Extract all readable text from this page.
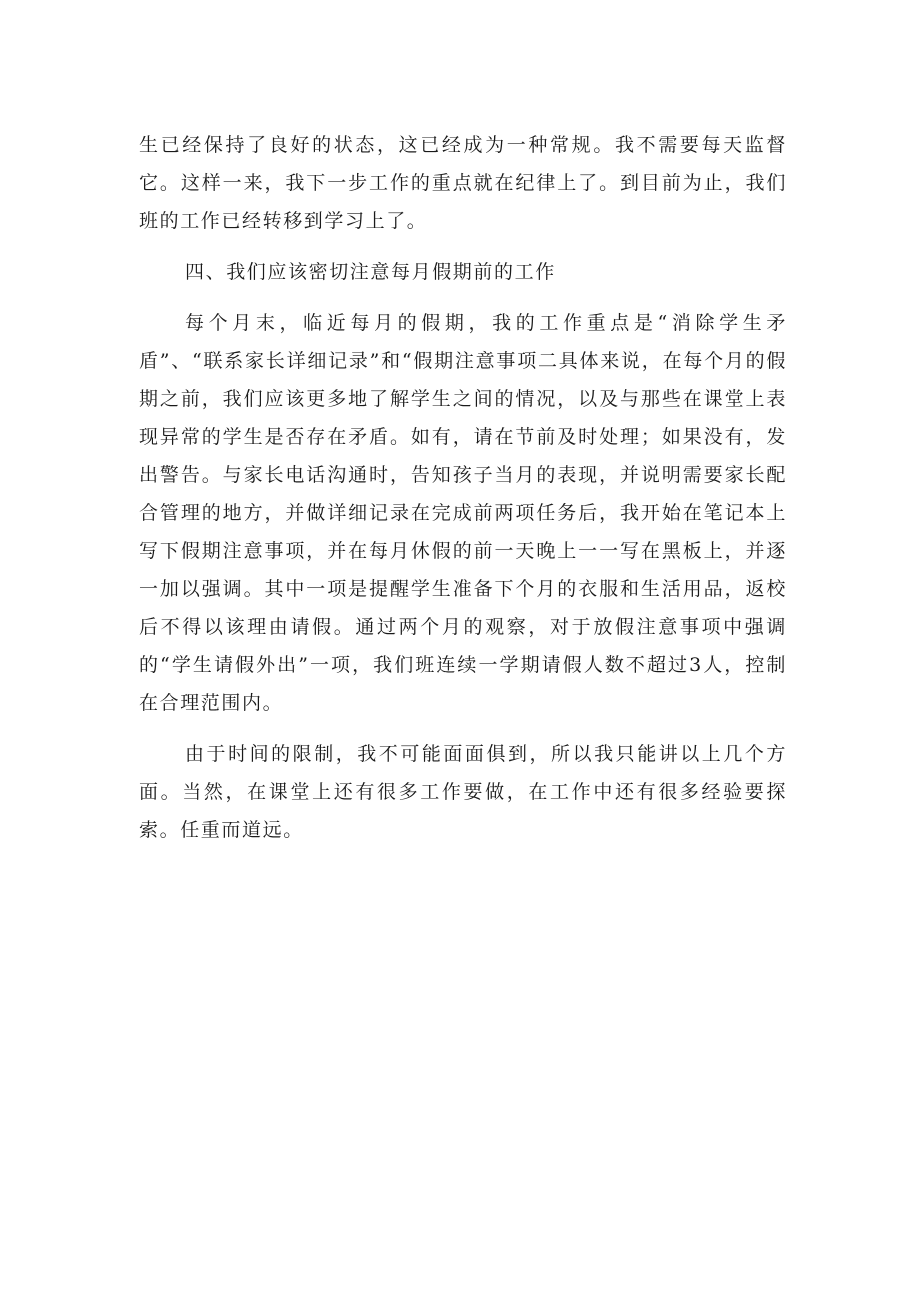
生已经保持了良好的状态，这已经成为一种常规。我不需要每天监督它。这样一来，我下一步工作的重点就在纪律上了。到目前为止，我们班的工作已经转移到学习上了。

四、我们应该密切注意每月假期前的工作

每个月末，临近每月的假期，我的工作重点是“消除学生矛盾”、“联系家长详细记录”和“假期注意事项二具体来说，在每个月的假期之前，我们应该更多地了解学生之间的情况，以及与那些在课堂上表现异常的学生是否存在矛盾。如有，请在节前及时处理；如果没有，发出警告。与家长电话沟通时，告知孩子当月的表现，并说明需要家长配合管理的地方，并做详细记录在完成前两项任务后，我开始在笔记本上写下假期注意事项，并在每月休假的前一天晚上一一写在黑板上，并逐一加以强调。其中一项是提醒学生准备下个月的衣服和生活用品，返校后不得以该理由请假。通过两个月的观察，对于放假注意事项中强调的“学生请假外出”一项，我们班连续一学期请假人数不超过3人，控制在合理范围内。

由于时间的限制，我不可能面面俱到，所以我只能讲以上几个方面。当然，在课堂上还有很多工作要做，在工作中还有很多经验要探索。任重而道远。
